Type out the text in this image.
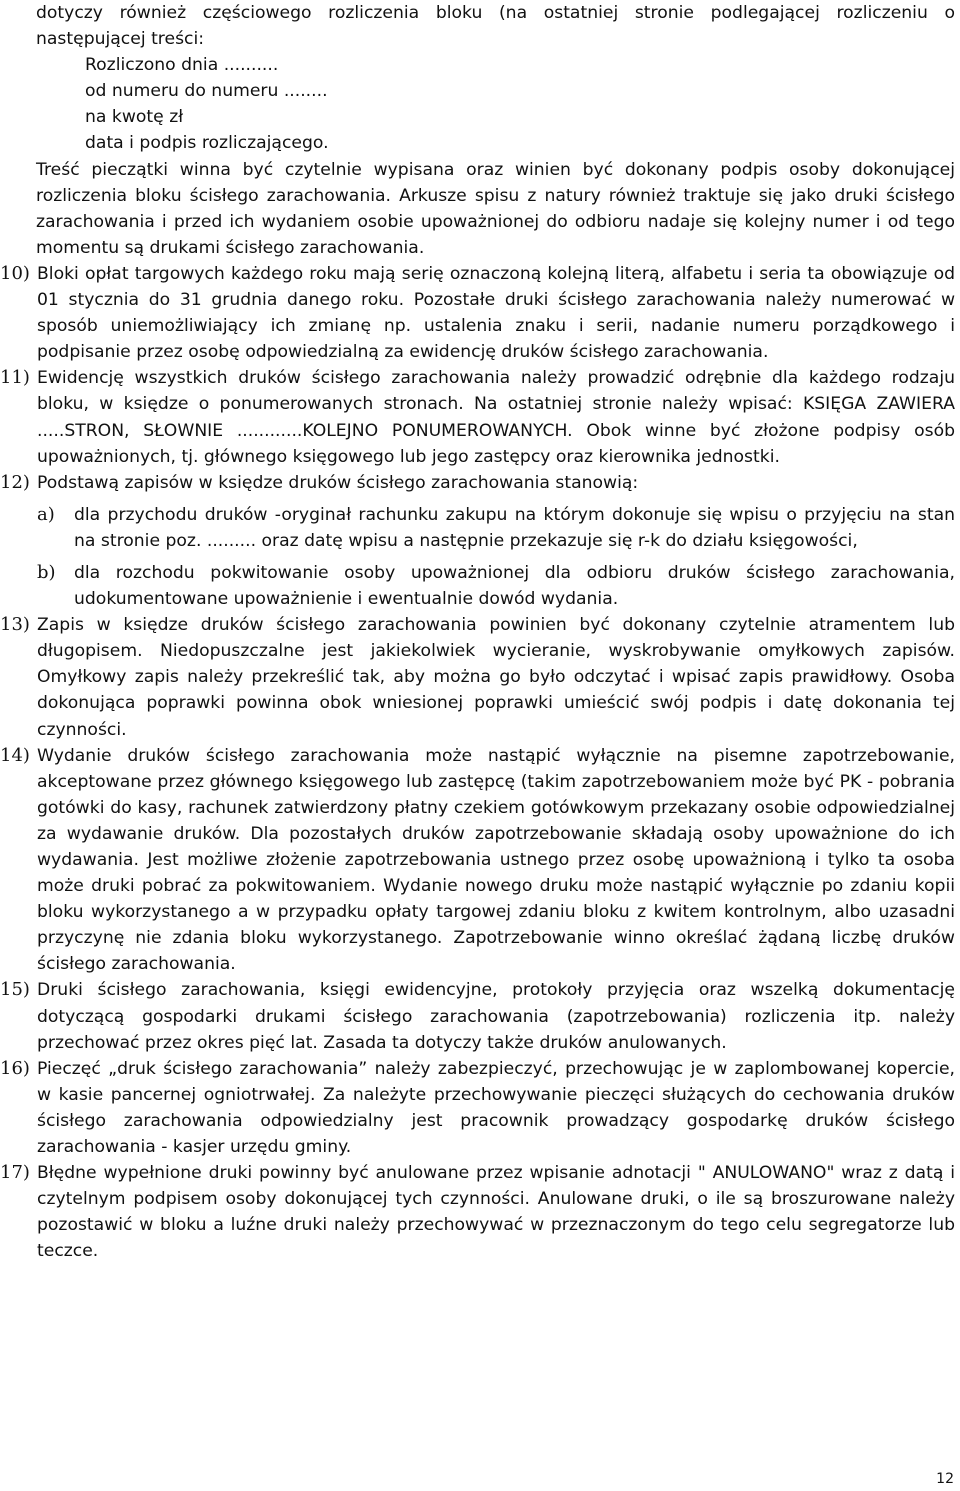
dotyczy również częściowego rozliczenia bloku (na ostatniej stronie podlegającej rozliczeniu o następującej treści:

Rozliczono dnia ..........

od numeru do numeru ........

na kwotę zł

data i podpis rozliczającego.

Treść pieczątki winna być czytelnie wypisana oraz winien być dokonany podpis osoby dokonującej rozliczenia bloku ścisłego zarachowania. Arkusze spisu z natury również traktuje się jako druki ścisłego zarachowania i przed ich wydaniem osobie upoważnionej do odbioru nadaje się kolejny numer i od tego momentu są drukami ścisłego zarachowania.

10) Bloki opłat targowych każdego roku mają serię oznaczoną kolejną literą, alfabetu i seria ta obowiązuje od 01 stycznia do 31 grudnia danego roku. Pozostałe druki ścisłego zarachowania należy numerować w sposób uniemożliwiający ich zmianę np. ustalenia znaku i serii, nadanie numeru porządkowego i podpisanie przez osobę odpowiedzialną za ewidencję druków ścisłego zarachowania.

11) Ewidencję wszystkich druków ścisłego zarachowania należy prowadzić odrębnie dla każdego rodzaju bloku, w księdze o ponumerowanych stronach. Na ostatniej stronie należy wpisać: KSIĘGA ZAWIERA .....STRON, SŁOWNIE ............KOLEJNO PONUMEROWANYCH. Obok winne być złożone podpisy osób upoważnionych, tj. głównego księgowego lub jego zastępcy oraz kierownika jednostki.

12) Podstawą zapisów w księdze druków ścisłego zarachowania stanowią:

a) dla przychodu druków -oryginał rachunku zakupu na którym dokonuje się wpisu o przyjęciu na stan na stronie poz. ......... oraz datę wpisu a następnie przekazuje się r-k do działu księgowości,

b) dla rozchodu pokwitowanie osoby upoważnionej dla odbioru druków ścisłego zarachowania, udokumentowane upoważnienie i ewentualnie dowód wydania.

13) Zapis w księdze druków ścisłego zarachowania powinien być dokonany czytelnie atramentem lub długopisem. Niedopuszczalne jest jakiekolwiek wycieranie, wyskrobywanie omyłkowych zapisów. Omyłkowy zapis należy przekreślić tak, aby można go było odczytać i wpisać zapis prawidłowy. Osoba dokonująca poprawki powinna obok wniesionej poprawki umieścić swój podpis i datę dokonania tej czynności.

14) Wydanie druków ścisłego zarachowania może nastąpić wyłącznie na pisemne zapotrzebowanie, akceptowane przez głównego księgowego lub zastępcę (takim zapotrzebowaniem może być PK - pobrania gotówki do kasy, rachunek zatwierdzony płatny czekiem gotówkowym przekazany osobie odpowiedzialnej za wydawanie druków. Dla pozostałych druków zapotrzebowanie składają osoby upoważnione do ich wydawania. Jest możliwe złożenie zapotrzebowania ustnego przez osobę upoważnioną i tylko ta osoba może druki pobrać za pokwitowaniem. Wydanie nowego druku może nastąpić wyłącznie po zdaniu kopii bloku wykorzystanego a w przypadku opłaty targowej zdaniu bloku z kwitem kontrolnym, albo uzasadni przyczynę nie zdania bloku wykorzystanego. Zapotrzebowanie winno określać żądaną liczbę druków ścisłego zarachowania.

15) Druki ścisłego zarachowania, księgi ewidencyjne, protokoły przyjęcia oraz wszelką dokumentację dotyczącą gospodarki drukami ścisłego zarachowania (zapotrzebowania) rozliczenia itp. należy przechować przez okres pięć lat. Zasada ta dotyczy także druków anulowanych.

16) Pieczęć „druk ścisłego zarachowania” należy zabezpieczyć, przechowując je w zaplombowanej kopercie, w kasie pancernej ogniotrwałej. Za należyte przechowywanie pieczęci służących do cechowania druków ścisłego zarachowania odpowiedzialny jest pracownik prowadzący gospodarkę druków ścisłego zarachowania - kasjer urzędu gminy.

17) Błędne wypełnione druki powinny być anulowane przez wpisanie adnotacji " ANULOWANO" wraz z datą i czytelnym podpisem osoby dokonującej tych czynności. Anulowane druki, o ile są broszurowane należy pozostawić w bloku a luźne druki należy przechowywać w przeznaczonym do tego celu segregatorze lub teczce.

12
